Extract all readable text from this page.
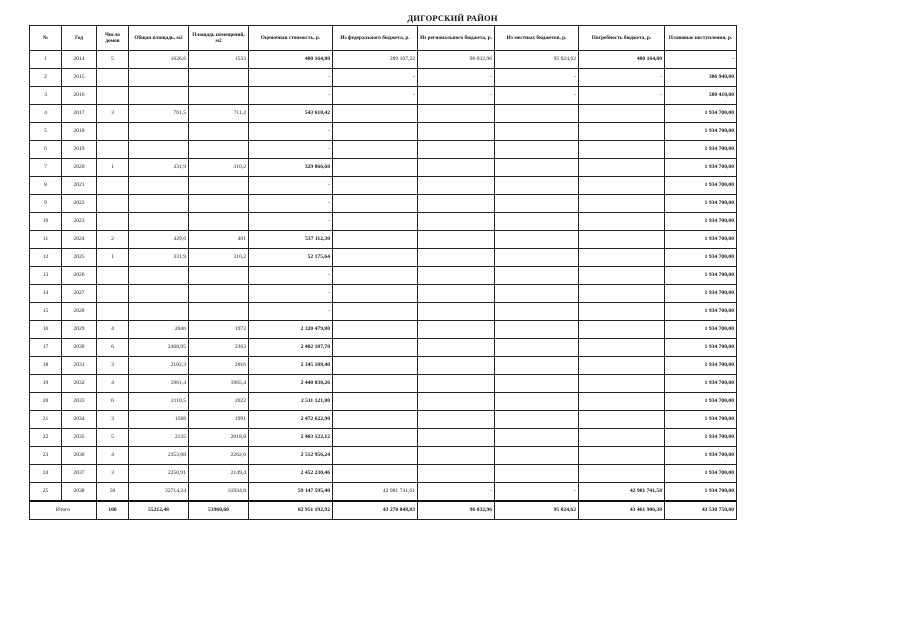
ДИГОРСКИЙ РАЙОН
№	Год	Число домов	Общая площадь, м2	Площадь помещений, м2	Оценочная стоимость, р.	Из федерального бюджета, р.	Из регионального бюджета, р.	Из местных бюджетов, р.	Потребность бюджета, р.	Плановые поступления, р.
1	2014	5	1626,6	1533	480 164,80	289 107,22	96 032,96	95 024,62	480 164,80	-
2	2015				-	-	-	-	-	386 940,00
3	2016				-	-	-	-	-	580 410,00
4	2017	3	761,5	711,2	543 618,42					1 934 700,00
5	2018				-					1 934 700,00
6	2019				-					1 934 700,00
7	2020	1	331,9	310,2	329 866,68					1 934 700,00
8	2021				-					1 934 700,00
9	2022				-					1 934 700,00
10	2023				-					1 934 700,00
11	2024	2	429,6	401	537 112,30					1 934 700,00
12	2025	1	331,9	310,2	52 175,64					1 934 700,00
13	2026				-					1 934 700,00
14	2027				-					1 934 700,00
15	2028				-					1 934 700,00
16	2029	4	2046	1972	2 320 479,80					1 934 700,00
17	2030	6	2468,95	2363	2 402 187,70					1 934 700,00
18	2031	3	2102,3	2016	2 345 108,40					1 934 700,00
19	2032	4	1961,4	1965,4	2 440 830,26					1 934 700,00
20	2033	6	2110,5	2022	2 511 121,80					1 934 700,00
21	2034	3	1588	1991	2 472 622,90					1 934 700,00
22	2035	5	2135	2018,8	2 403 122,12					1 934 700,00
23	2036	4	2353,68	2262,6	2 512 956,24					1 934 700,00
24	2037	3	2250,91	2149,4	2 452 230,46					1 934 700,00
25	2038	50	32714,24	31934,8	59 147 595,40	42 981 741,61	-	-	42 981 741,58	1 934 700,00
Итого		100	55212,48	53960,60	82 951 192,92	43 270 848,83	96 032,96	95 024,62	43 461 906,38	43 530 750,00
